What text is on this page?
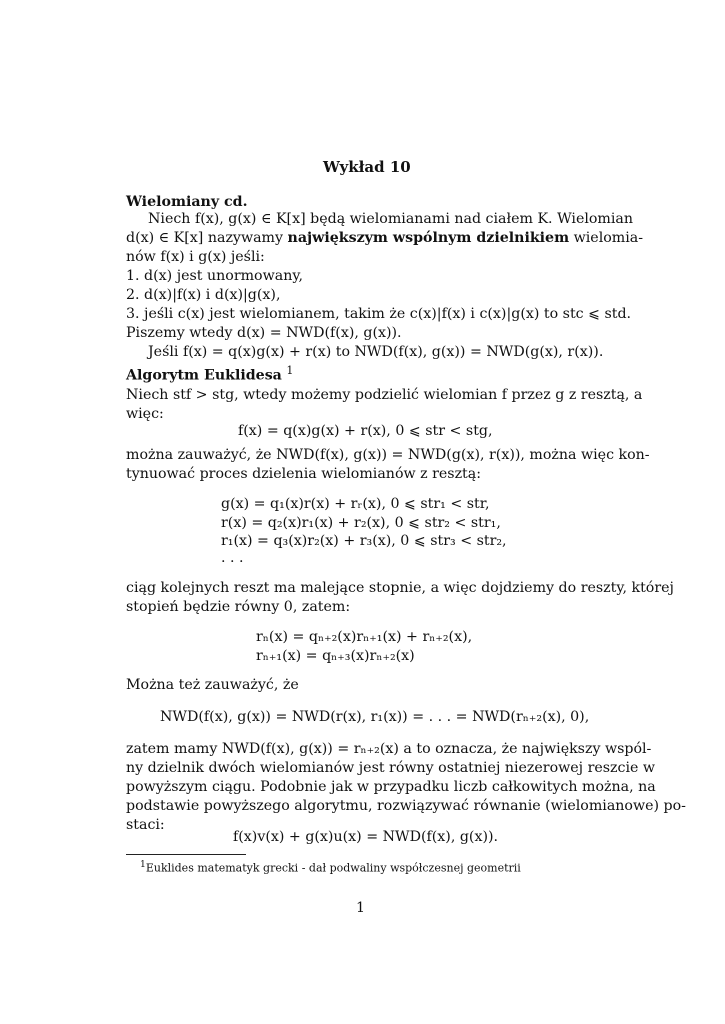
Wykład 10
Wielomiany cd.
Niech f(x), g(x) ∈ K[x] będą wielomianami nad ciałem K. Wielomian
d(x) ∈ K[x] nazywamy największym wspólnym dzielnikiem wielomia-
nów f(x) i g(x) jeśli:
1. d(x) jest unormowany,
2. d(x)|f(x) i d(x)|g(x),
3. jeśli c(x) jest wielomianem, takim że c(x)|f(x) i c(x)|g(x) to stc ⩽ std.
Piszemy wtedy d(x) = NWD(f(x), g(x)).
Jeśli f(x) = q(x)g(x) + r(x) to NWD(f(x), g(x)) = NWD(g(x), r(x)).
Algorytm Euklidesa $^1$
Niech stf > stg, wtedy możemy podzielić wielomian f przez g z resztą, a
więc:
f(x) = q(x)g(x) + r(x), 0 ⩽ str < stg,
można zauważyć, że NWD(f(x), g(x)) = NWD(g(x), r(x)), można więc kon-
tynuować proces dzielenia wielomianów z resztą:
g(x) = q₁(x)r(x) + rᵣ(x), 0 ⩽ str₁ < str,
r(x) = q₂(x)r₁(x) + r₂(x), 0 ⩽ str₂ < str₁,
r₁(x) = q₃(x)r₂(x) + r₃(x), 0 ⩽ str₃ < str₂,
. . .
ciąg kolejnych reszt ma malejące stopnie, a więc dojdziemy do reszty, której
stopień będzie równy 0, zatem:
rₙ(x) = qₙ₊₂(x)rₙ₊₁(x) + rₙ₊₂(x),
rₙ₊₁(x) = qₙ₊₃(x)rₙ₊₂(x)
Można też zauważyć, że
NWD(f(x), g(x)) = NWD(r(x), r₁(x)) = . . . = NWD(rₙ₊₂(x), 0),
zatem mamy NWD(f(x), g(x)) = rₙ₊₂(x) a to oznacza, że największy wspól-
ny dzielnik dwóch wielomianów jest równy ostatniej niezerowej reszcie w
powyższym ciągu. Podobnie jak w przypadku liczb całkowitych można, na
podstawie powyższego algorytmu, rozwiązywać równanie (wielomianowe) po-
staci:
f(x)v(x) + g(x)u(x) = NWD(f(x), g(x)).
$^1$Euklides matematyk grecki - dał podwaliny współczesnej geometrii
1
